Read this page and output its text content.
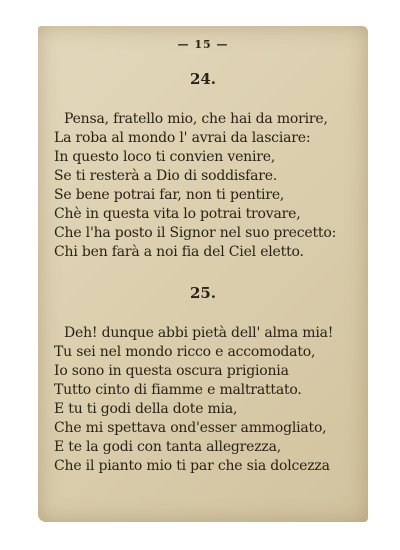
— 15 —
24.
Pensa, fratello mio, che hai da morire,
La roba al mondo l' avrai da lasciare:
In questo loco ti convien venire,
Se ti resterà a Dio di soddisfare.
Se bene potrai far, non ti pentire,
Chè in questa vita lo potrai trovare,
Che l'ha posto il Signor nel suo precetto:
Chi ben farà a noi fia del Ciel eletto.
25.
Deh! dunque abbi pietà dell' alma mia!
Tu sei nel mondo ricco e accomodato,
Io sono in questa oscura prigionia
Tutto cinto di fiamme e maltrattato.
E tu ti godi della dote mia,
Che mi spettava ond'esser ammogliato,
E te la godi con tanta allegrezza,
Che il pianto mio ti par che sia dolcezza
